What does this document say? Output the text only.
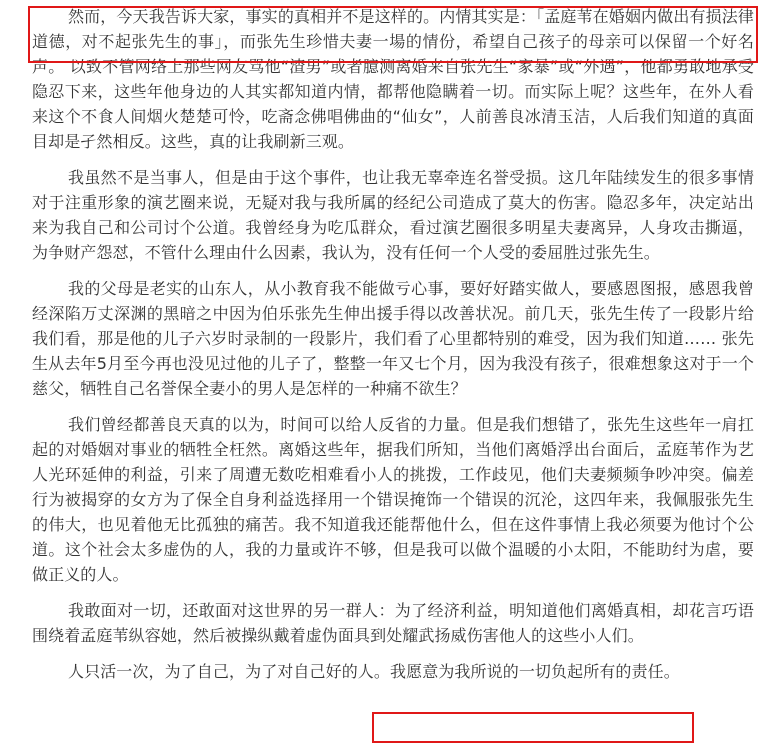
然而，今天我告诉大家，事实的真相并不是这样的。内情其实是：「孟庭苇在婚姻内做出有损法律道德，对不起张先生的事」，而张先生珍惜夫妻一場的情份，希望自己孩子的母亲可以保留一个好名声。 以致不管网络上那些网友骂他“渣男”或者臆测离婚来自张先生“家暴”或“外遇”，他都勇敢地承受隐忍下来，这些年他身边的人其实都知道内情，都帮他隐瞒着一切。而实际上呢？这些年，在外人看来这个不食人间烟火楚楚可怜，吃斋念佛唱佛曲的“仙女”，人前善良冰清玉洁，人后我们知道的真面目却是孑然相反。这些，真的让我刷新三观。

我虽然不是当事人，但是由于这个事件，也让我无辜牵连名誉受损。这几年陆续发生的很多事情对于注重形象的演艺圈来说，无疑对我与我所属的经纪公司造成了莫大的伤害。隐忍多年，决定站出来为我自己和公司讨个公道。我曾经身为吃瓜群众，看过演艺圈很多明星夫妻离异，人身攻击撕逼，为争财产怨怼，不管什么理由什么因素，我认为，没有任何一个人受的委屈胜过张先生。

我的父母是老实的山东人，从小教育我不能做亏心事，要好好踏实做人，要感恩图报，感恩我曾经深陷万丈深渊的黑暗之中因为伯乐张先生伸出援手得以改善状况。前几天，张先生传了一段影片给我们看，那是他的儿子六岁时录制的一段影片，我们看了心里都特别的难受，因为我们知道…… 张先生从去年5月至今再也没见过他的儿子了，整整一年又七个月，因为我没有孩子，很难想象这对于一个慈父，牺牲自己名誉保全妻小的男人是怎样的一种痛不欲生？

我们曾经都善良天真的以为，时间可以给人反省的力量。但是我们想错了，张先生这些年一肩扛起的对婚姻对事业的牺牲全枉然。离婚这些年，据我们所知，当他们离婚浮出台面后，孟庭苇作为艺人光环延伸的利益，引来了周遭无数吃相难看小人的挑拨，工作歧见，他们夫妻频频争吵冲突。偏差行为被揭穿的女方为了保全自身利益选择用一个错误掩饰一个错误的沉沦，这四年来，我佩服张先生的伟大，也见着他无比孤独的痛苦。我不知道我还能帮他什么，但在这件事情上我必须要为他讨个公道。这个社会太多虚伪的人，我的力量或许不够，但是我可以做个温暖的小太阳，不能助纣为虐，要做正义的人。

我敢面对一切，还敢面对这世界的另一群人：为了经济利益，明知道他们离婚真相，却花言巧语围绕着孟庭苇纵容她，然后被操纵戴着虚伪面具到处耀武扬威伤害他人的这些小人们。

人只活一次，为了自己，为了对自己好的人。我愿意为我所说的一切负起所有的责任。
